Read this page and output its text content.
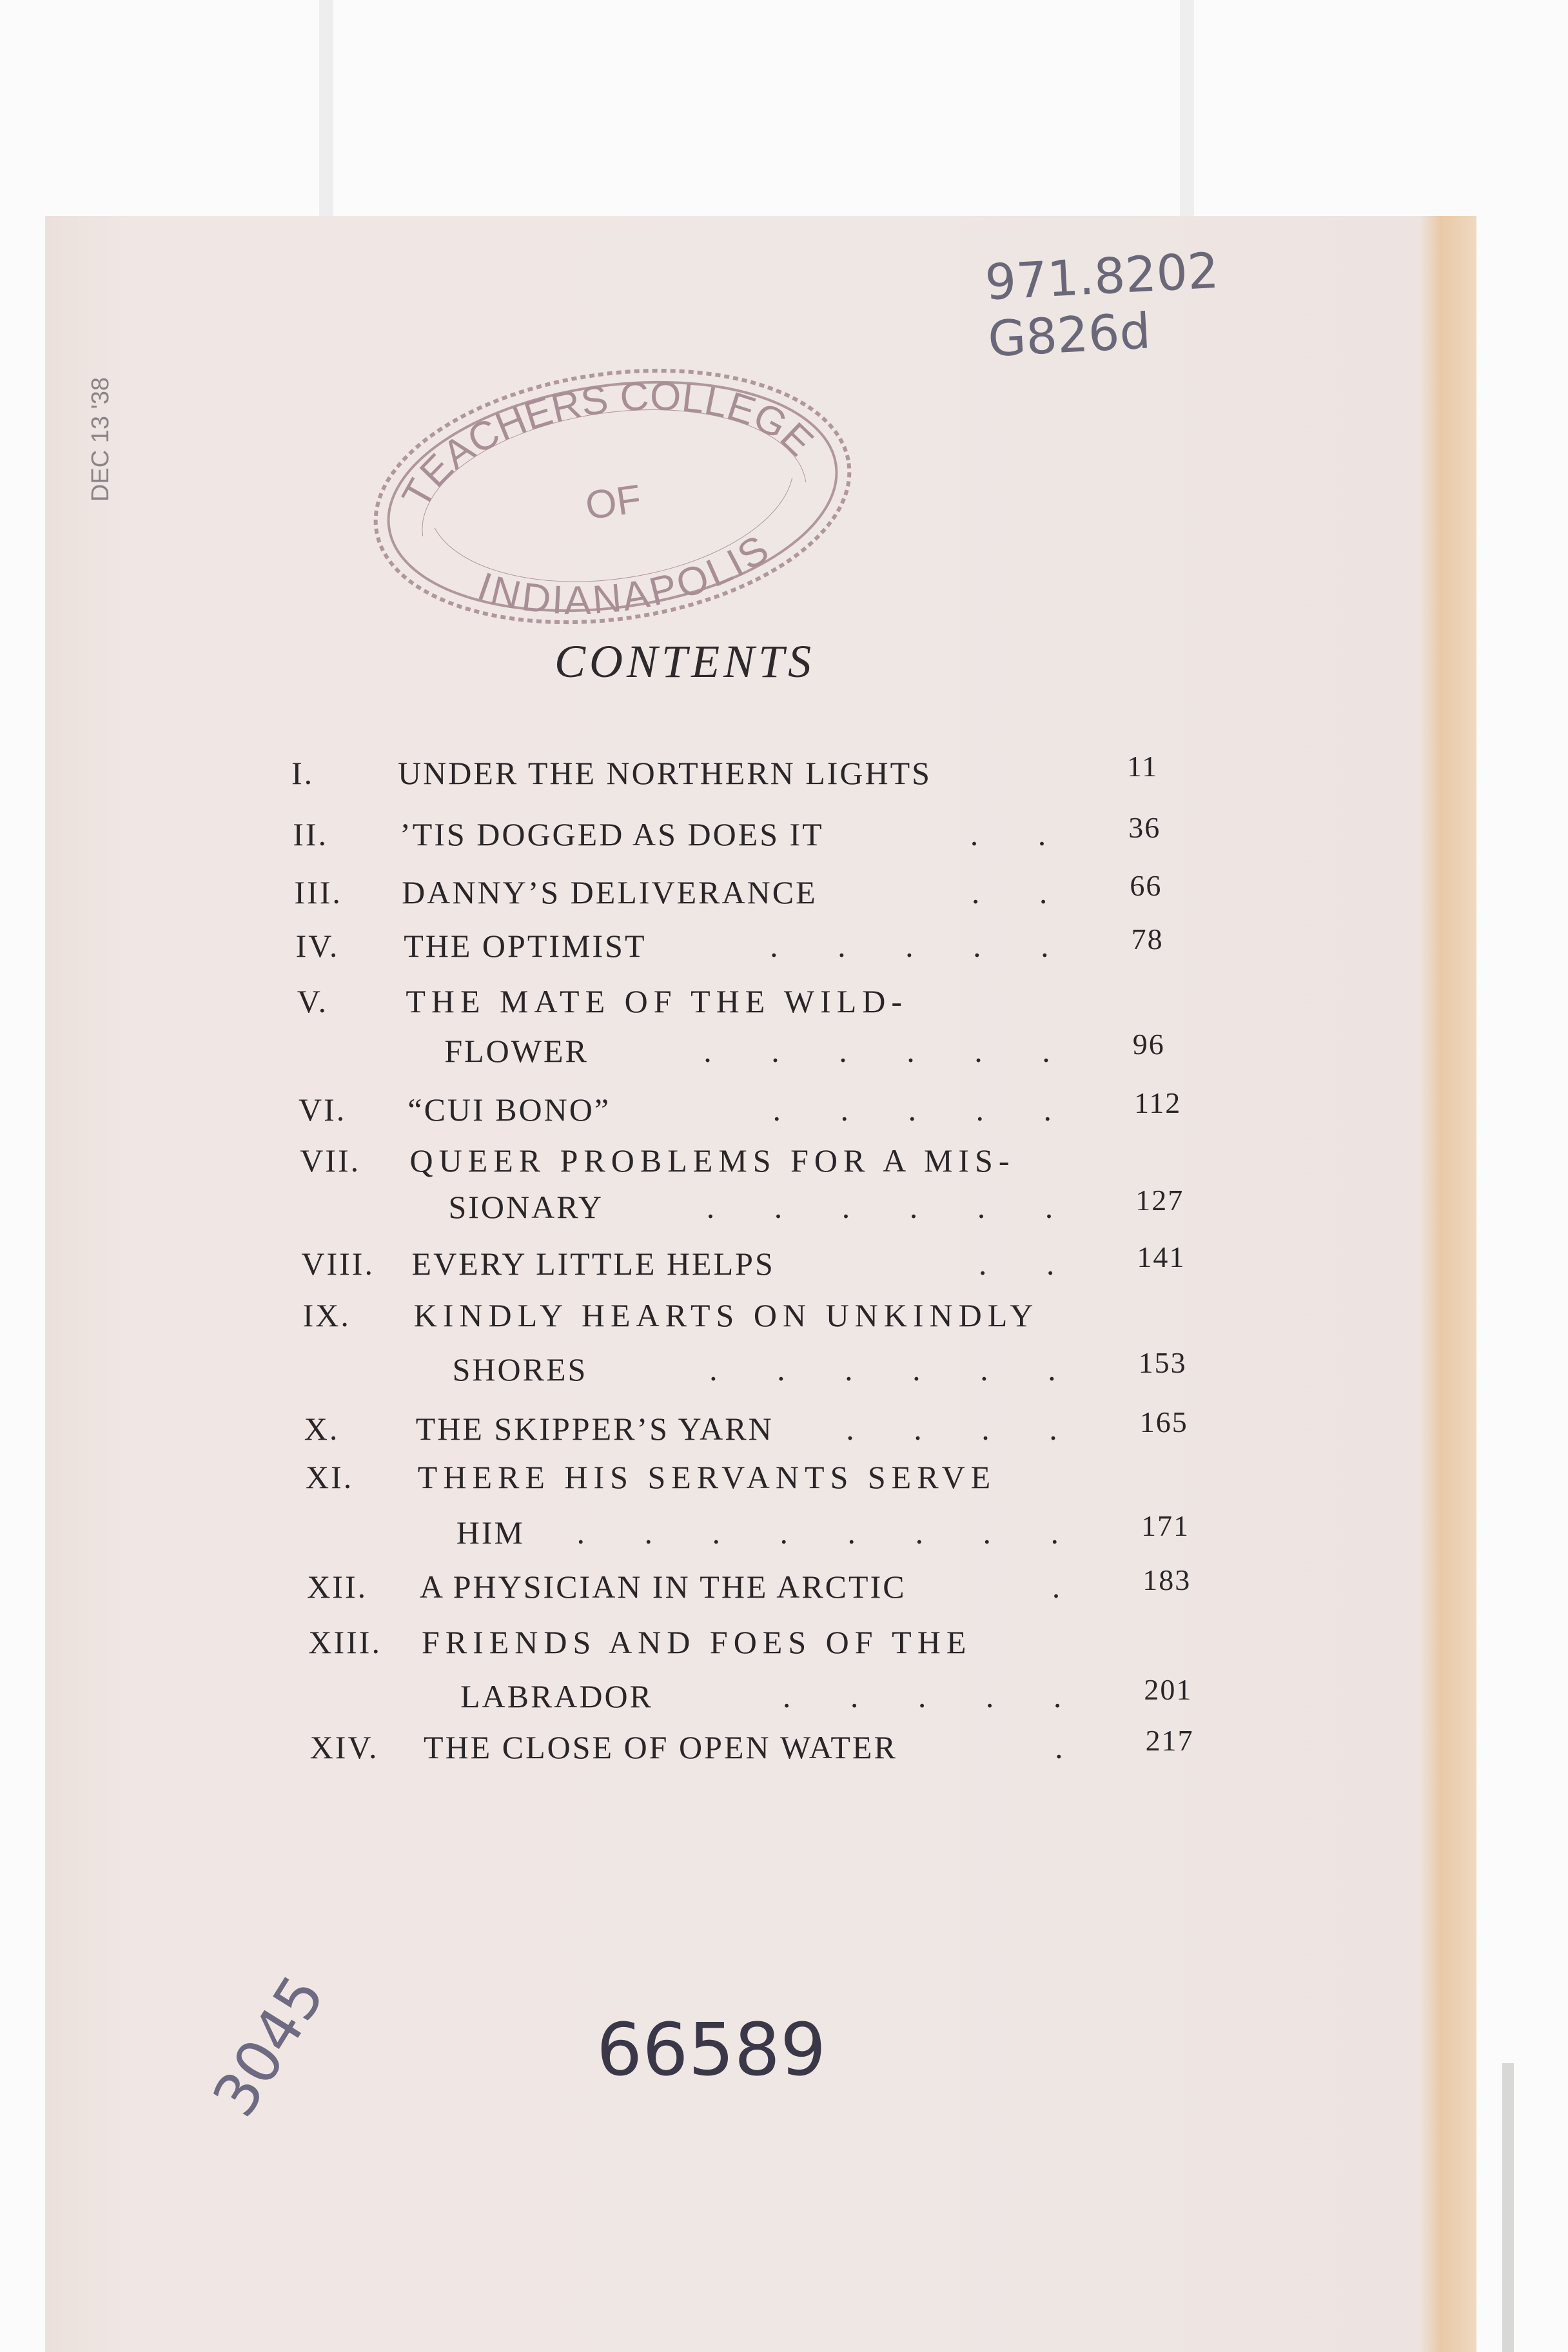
DEC 13 '38
971.8202
G826d
TEACHERS COLLEGE
OF
INDIANAPOLIS
CONTENTS
I.	UNDER THE NORTHERN LIGHTS	11
II. ’TIS DOGGED AS DOES IT	. . 36
III. DANNY’S DELIVERANCE	. . 66
IV. THE OPTIMIST	. . . . . 78
V. THE MATE OF THE WILD-
FLOWER	. . . . . . 96
VI. “CUI BONO”	. . . . . 112
VII. QUEER PROBLEMS FOR A MIS-
SIONARY	. . . . . . 127
VIII. EVERY LITTLE HELPS	. . 141
IX. KINDLY HEARTS ON UNKINDLY
SHORES	. . . . . . 153
X. THE SKIPPER’S YARN . . . . 165
XI. THERE HIS SERVANTS SERVE
HIM . . . . . . . . 171
XII. A PHYSICIAN IN THE ARCTIC	. 183
XIII. FRIENDS AND FOES OF THE
LABRADOR	. . . . . 201
XIV. THE CLOSE OF OPEN WATER	. 217
3045	66589
